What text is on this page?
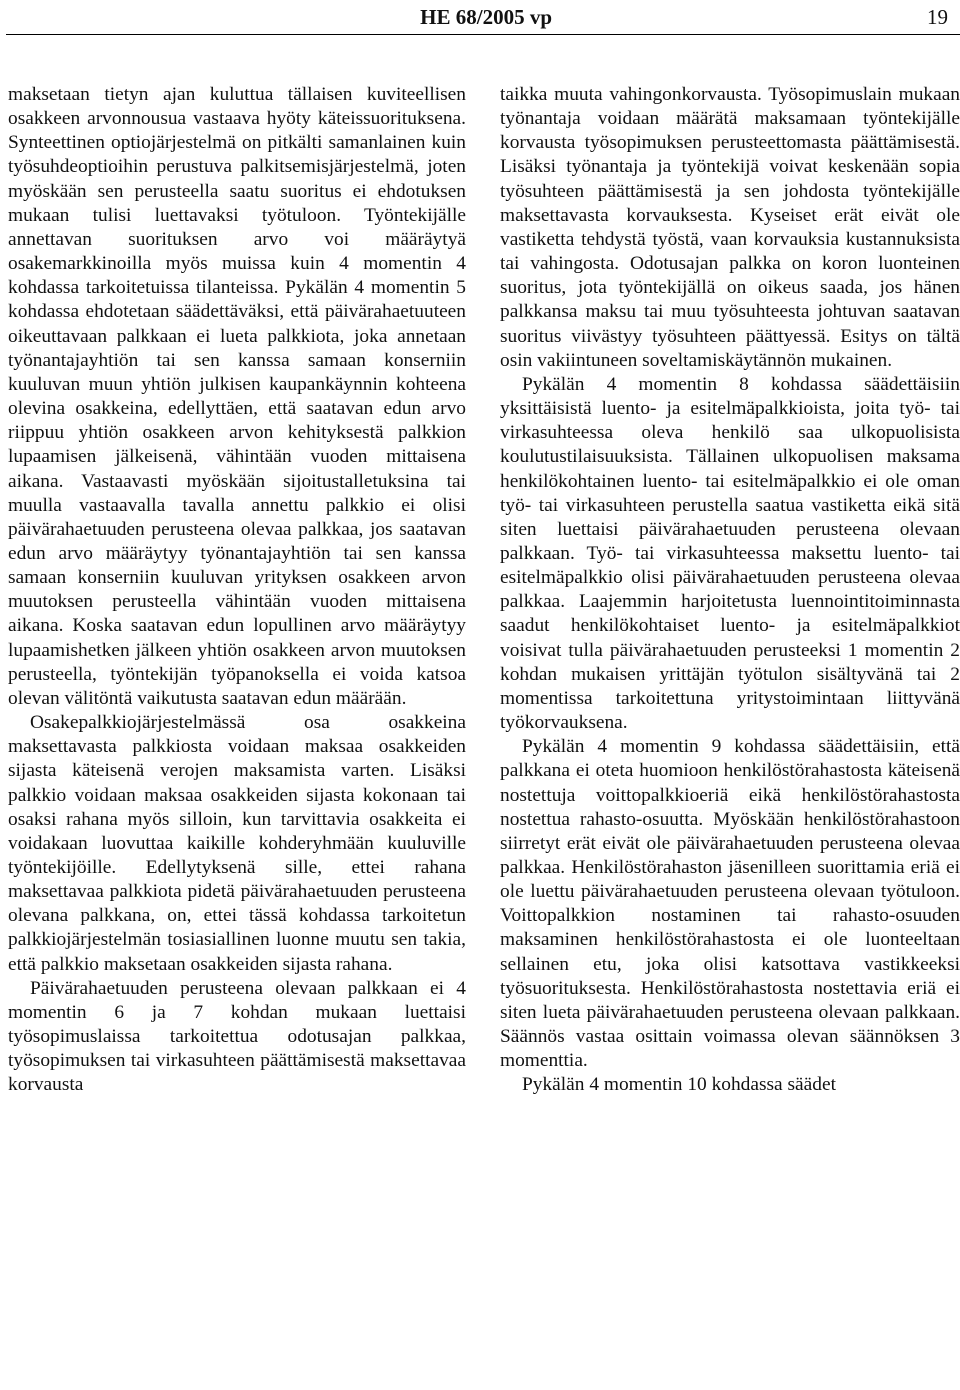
HE 68/2005 vp	19

maksetaan tietyn ajan kuluttua tällaisen kuviteellisen osakkeen arvonnousua vastaava hyöty käteissuorituksena. Synteettinen optiojärjestelmä on pitkälti samanlainen kuin työsuhdeoptioihin perustuva palkitsemisjärjestelmä, joten myöskään sen perusteella saatu suoritus ei ehdotuksen mukaan tulisi luettavaksi työtuloon. Työntekijälle annettavan suorituksen arvo voi määräytyä osakemarkkinoilla myös muissa kuin 4 momentin 4 kohdassa tarkoitetuissa tilanteissa. Pykälän 4 momentin 5 kohdassa ehdotetaan säädettäväksi, että päivärahaetuuteen oikeuttavaan palkkaan ei lueta palkkiota, joka annetaan työnantajayhtiön tai sen kanssa samaan konserniin kuuluvan muun yhtiön julkisen kaupankäynnin kohteena olevina osakkeina, edellyttäen, että saatavan edun arvo riippuu yhtiön osakkeen arvon kehityksestä palkkion lupaamisen jälkeisenä, vähintään vuoden mittaisena aikana. Vastaavasti myöskään sijoitustalletuksina tai muulla vastaavalla tavalla annettu palkkio ei olisi päivärahaetuuden perusteena olevaa palkkaa, jos saatavan edun arvo määräytyy työnantajayhtiön tai sen kanssa samaan konserniin kuuluvan yrityksen osakkeen arvon muutoksen perusteella vähintään vuoden mittaisena aikana. Koska saatavan edun lopullinen arvo määräytyy lupaamishetken jälkeen yhtiön osakkeen arvon muutoksen perusteella, työntekijän työpanoksella ei voida katsoa olevan välitöntä vaikutusta saatavan edun määrään.

Osakepalkkiojärjestelmässä osa osakkeina maksettavasta palkkiosta voidaan maksaa osakkeiden sijasta käteisenä verojen maksamista varten. Lisäksi palkkio voidaan maksaa osakkeiden sijasta kokonaan tai osaksi rahana myös silloin, kun tarvittavia osakkeita ei voidakaan luovuttaa kaikille kohderyhmään kuuluville työntekijöille. Edellytyksenä sille, ettei rahana maksettavaa palkkiota pidetä päivärahaetuuden perusteena olevana palkkana, on, ettei tässä kohdassa tarkoitetun palkkiojärjestelmän tosiasiallinen luonne muutu sen takia, että palkkio maksetaan osakkeiden sijasta rahana.

Päivärahaetuuden perusteena olevaan palkkaan ei 4 momentin 6 ja 7 kohdan mukaan luettaisi työsopimuslaissa tarkoitettua odotusajan palkkaa, työsopimuksen tai virkasuhteen päättämisestä maksettavaa korvausta

taikka muuta vahingonkorvausta. Työsopimuslain mukaan työnantaja voidaan määrätä maksamaan työntekijälle korvausta työsopimuksen perusteettomasta päättämisestä. Lisäksi työnantaja ja työntekijä voivat keskenään sopia työsuhteen päättämisestä ja sen johdosta työntekijälle maksettavasta korvauksesta. Kyseiset erät eivät ole vastiketta tehdystä työstä, vaan korvauksia kustannuksista tai vahingosta. Odotusajan palkka on koron luonteinen suoritus, jota työntekijällä on oikeus saada, jos hänen palkkansa maksu tai muu työsuhteesta johtuvan saatavan suoritus viivästyy työsuhteen päättyessä. Esitys on tältä osin vakiintuneen soveltamiskäytännön mukainen.

Pykälän 4 momentin 8 kohdassa säädettäisiin yksittäisistä luento- ja esitelmäpalkkioista, joita työ- tai virkasuhteessa oleva henkilö saa ulkopuolisista koulutustilaisuuksista. Tällainen ulkopuolisen maksama henkilökohtainen luento- tai esitelmäpalkkio ei ole oman työ- tai virkasuhteen perustella saatua vastiketta eikä sitä siten luettaisi päivärahaetuuden perusteena olevaan palkkaan. Työ- tai virkasuhteessa maksettu luento- tai esitelmäpalkkio olisi päivärahaetuuden perusteena olevaa palkkaa. Laajemmin harjoitetusta luennointitoiminnasta saadut henkilökohtaiset luento- ja esitelmäpalkkiot voisivat tulla päivärahaetuuden perusteeksi 1 momentin 2 kohdan mukaisen yrittäjän työtulon sisältyvänä tai 2 momentissa tarkoitettuna yritystoimintaan liittyvänä työkorvauksena.

Pykälän 4 momentin 9 kohdassa säädettäisiin, että palkkana ei oteta huomioon henkilöstörahastosta käteisenä nostettuja voittopalkkioeriä eikä henkilöstörahastosta nostettua rahasto-osuutta. Myöskään henkilöstörahastoon siirretyt erät eivät ole päivärahaetuuden perusteena olevaa palkkaa. Henkilöstörahaston jäsenilleen suorittamia eriä ei ole luettu päivärahaetuuden perusteena olevaan työtuloon. Voittopalkkion nostaminen tai rahasto-osuuden maksaminen henkilöstörahastosta ei ole luonteeltaan sellainen etu, joka olisi katsottava vastikkeeksi työsuorituksesta. Henkilöstörahastosta nostettavia eriä ei siten lueta päivärahaetuuden perusteena olevaan palkkaan. Säännös vastaa osittain voimassa olevan säännöksen 3 momenttia.

Pykälän 4 momentin 10 kohdassa säädet
